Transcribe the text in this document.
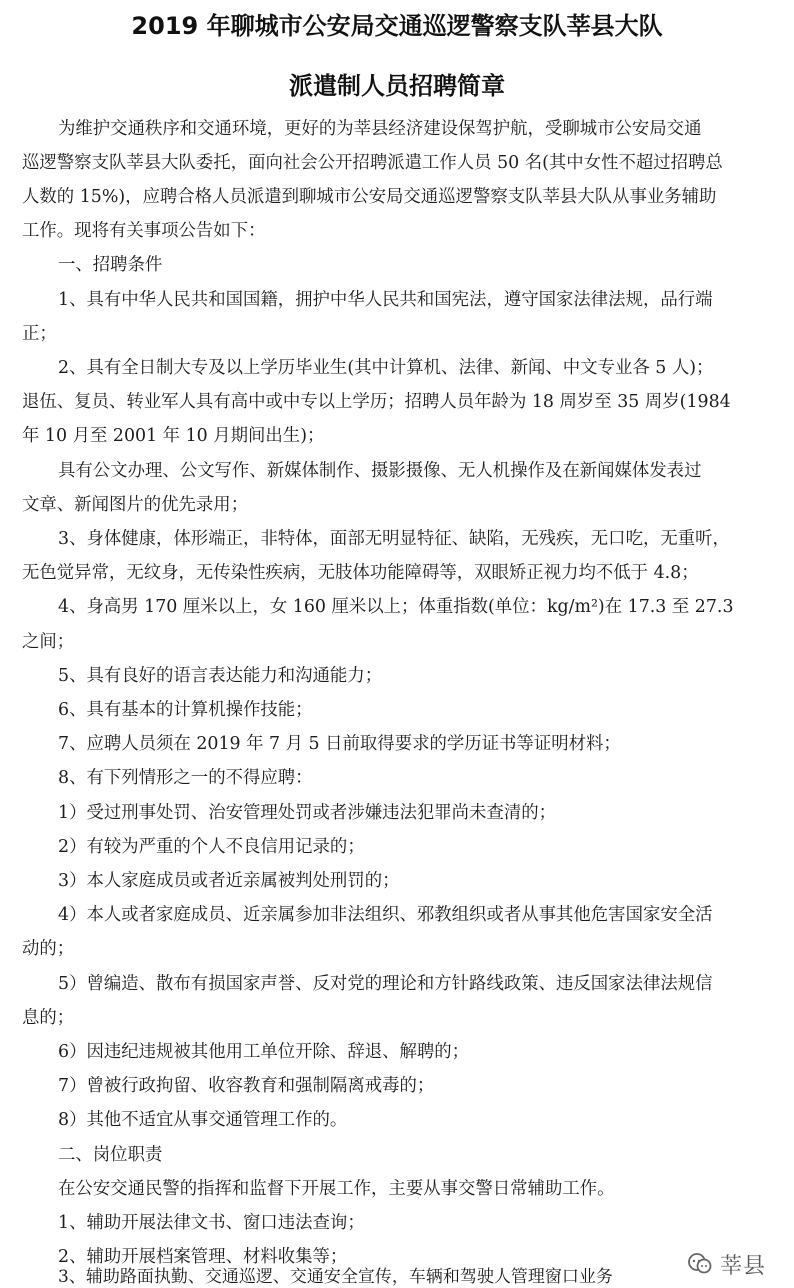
2019 年聊城市公安局交通巡逻警察支队莘县大队
派遣制人员招聘简章
为维护交通秩序和交通环境，更好的为莘县经济建设保驾护航，受聊城市公安局交通
巡逻警察支队莘县大队委托，面向社会公开招聘派遣工作人员 50 名(其中女性不超过招聘总
人数的 15%)，应聘合格人员派遣到聊城市公安局交通巡逻警察支队莘县大队从事业务辅助
工作。现将有关事项公告如下：
一、招聘条件
1、具有中华人民共和国国籍，拥护中华人民共和国宪法，遵守国家法律法规，品行端
正；
2、具有全日制大专及以上学历毕业生(其中计算机、法律、新闻、中文专业各 5 人)；
退伍、复员、转业军人具有高中或中专以上学历；招聘人员年龄为 18 周岁至 35 周岁(1984
年 10 月至 2001 年 10 月期间出生)；
具有公文办理、公文写作、新媒体制作、摄影摄像、无人机操作及在新闻媒体发表过
文章、新闻图片的优先录用；
3、身体健康，体形端正，非特体，面部无明显特征、缺陷，无残疾，无口吃，无重听，
无色觉异常，无纹身，无传染性疾病，无肢体功能障碍等，双眼矫正视力均不低于 4.8；
4、身高男 170 厘米以上，女 160 厘米以上；体重指数(单位：kg/m²)在 17.3 至 27.3
之间；
5、具有良好的语言表达能力和沟通能力；
6、具有基本的计算机操作技能；
7、应聘人员须在 2019 年 7 月 5 日前取得要求的学历证书等证明材料；
8、有下列情形之一的不得应聘：
1）受过刑事处罚、治安管理处罚或者涉嫌违法犯罪尚未查清的；
2）有较为严重的个人不良信用记录的；
3）本人家庭成员或者近亲属被判处刑罚的；
4）本人或者家庭成员、近亲属参加非法组织、邪教组织或者从事其他危害国家安全活
动的；
5）曾编造、散布有损国家声誉、反对党的理论和方针路线政策、违反国家法律法规信
息的；
6）因违纪违规被其他用工单位开除、辞退、解聘的；
7）曾被行政拘留、收容教育和强制隔离戒毒的；
8）其他不适宜从事交通管理工作的。
二、岗位职责
在公安交通民警的指挥和监督下开展工作，主要从事交警日常辅助工作。
1、辅助开展法律文书、窗口违法查询；
2、辅助开展档案管理、材料收集等；
3、辅助路面执勤、交通巡逻、交通安全宣传，车辆和驾驶人管理窗口业务	莘县
